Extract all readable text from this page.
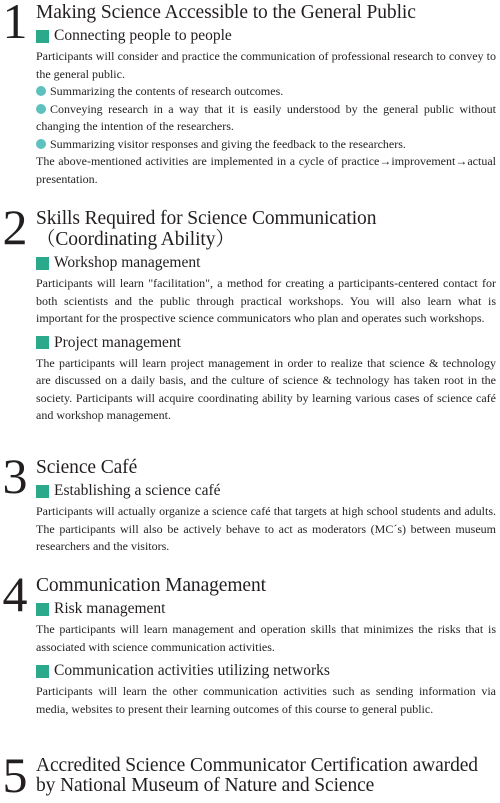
1 Making Science Accessible to the General Public
Connecting people to people

Participants will consider and practice the communication of professional research to convey to the general public.

Summarizing the contents of research outcomes.

Conveying research in a way that it is easily understood by the general public without changing the intention of the researchers.

Summarizing visitor responses and giving the feedback to the researchers.

The above-mentioned activities are implemented in a cycle of practice→improvement→actual presentation.

2 Skills Required for Science Communication
（Coordinating Ability）
Workshop management

Participants will learn "facilitation", a method for creating a participants-centered contact for both scientists and the public through practical workshops. You will also learn what is important for the prospective science communicators who plan and operates such workshops.

Project management

The participants will learn project management in order to realize that science & technology are discussed on a daily basis, and the culture of science & technology has taken root in the society. Participants will acquire coordinating ability by learning various cases of science café and workshop management.

3 Science Café
Establishing a science café

Participants will actually organize a science café that targets at high school students and adults. The participants will also be actively behave to act as moderators (MC´s) between museum researchers and the visitors.

4 Communication Management
Risk management

The participants will learn management and operation skills that minimizes the risks that is associated with science communication activities.

Communication activities utilizing networks

Participants will learn the other communication activities such as sending information via media, websites to present their learning outcomes of this course to general public.

5 Accredited Science Communicator Certification awarded by National Museum of Nature and Science
